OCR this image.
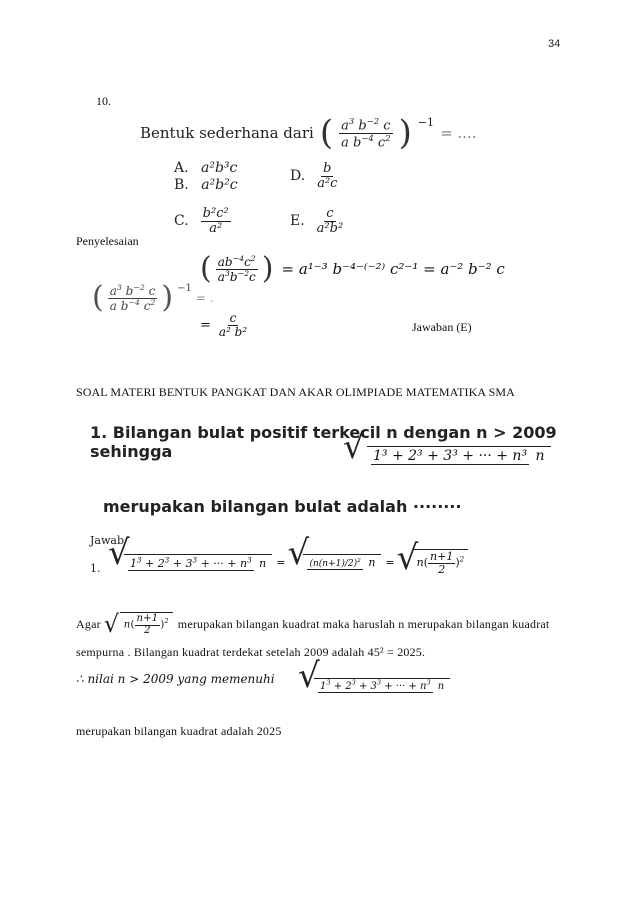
34
10.
Bentuk sederhana dari ( $\frac{a^3 b^{-2} c}{a b^{-4} c^2}$ ) −1
= ....
A. a²b³c
B. a²b²c
D. $\frac{b}{\text{a²c}}$
C. $\frac{\text{b²c²}}{\text{a²}}$	E. $\frac{c}{\text{a²b²}}$
Penyelesaian
( $\frac{a^3 b^{-2} c}{a b^{-4} c^2}$ ) −1
= .
( $\frac{ab^{-4}c^2}{a^3b^{-2}c}$ ) = a¹⁻³ b⁻⁴⁻⁽⁻²⁾ c²⁻¹ = a⁻² b⁻² c
= $\frac{c}{\text{a² b²}}$	Jawaban (E)
SOAL MATERI BENTUK PANGKAT DAN AKAR OLIMPIADE MATEMATIKA SMA
1. Bilangan bulat positif terkecil n dengan n > 2009 sehingga	√ 1³ + 2³ + 3³ + ··· + n³ n
merupakan bilangan bulat adalah ········
Jawab
1.	√ $1^3 + 2^3 + 3^3$ + ··· + $n^3$ n =	√ $(n(n+1)/2)^2$ n =	√ $n( \frac{n+1}{2} )^2$
Agar	√ $n( \frac{n+1}{2} )^2$ merupakan bilangan kuadrat maka haruslah n merupakan bilangan kuadrat
sempurna . Bilangan kuadrat terdekat setelah 2009 adalah 45² = 2025.
∴ nilai n > 2009 yang memenuhi
√ $1^3 + 2^3 + 3^3$ + ··· + $n^3$ n
merupakan bilangan kuadrat adalah 2025
